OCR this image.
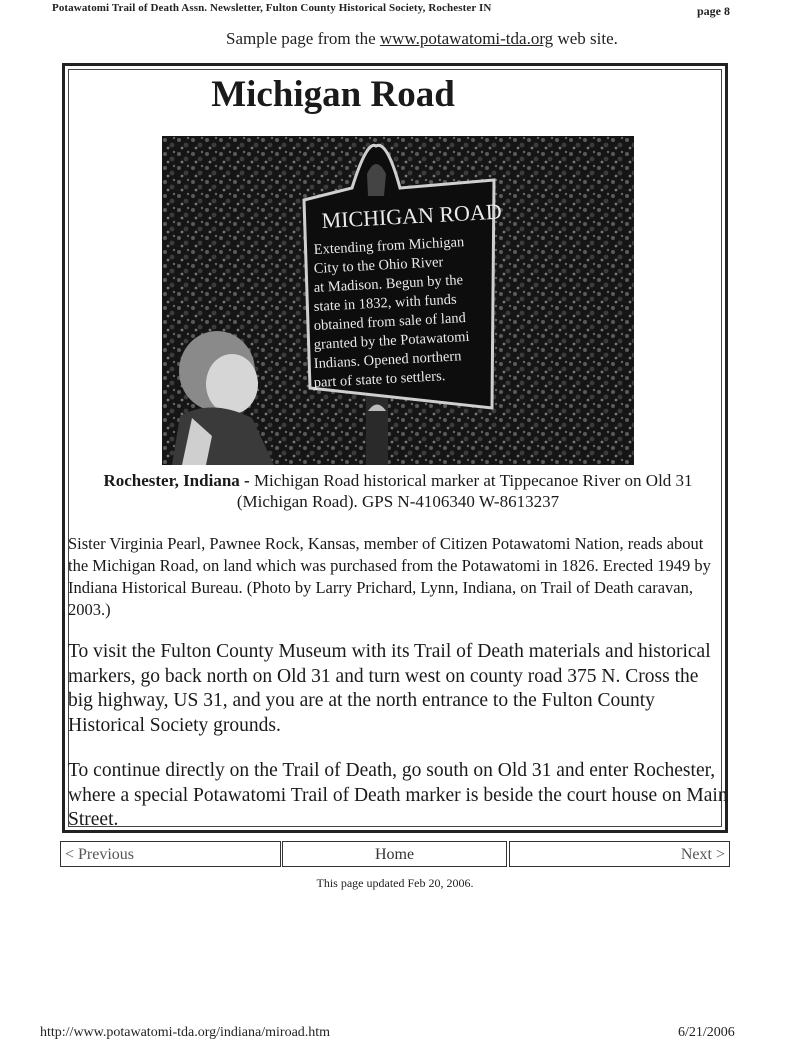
Potawatomi Trail of Death Assn. Newsletter, Fulton County Historical Society, Rochester IN	page 8
Sample page from the www.potawatomi-tda.org web site.
Michigan Road
MICHIGAN ROAD
Extending from Michigan
City to the Ohio River
at Madison. Begun by the
state in 1832, with funds
obtained from sale of land
granted by the Potawatomi
Indians. Opened northern
part of state to settlers.
Rochester, Indiana - Michigan Road historical marker at Tippecanoe River on Old 31 (Michigan Road). GPS N-4106340 W-8613237
Sister Virginia Pearl, Pawnee Rock, Kansas, member of Citizen Potawatomi Nation, reads about the Michigan Road, on land which was purchased from the Potawatomi in 1826. Erected 1949 by Indiana Historical Bureau. (Photo by Larry Prichard, Lynn, Indiana, on Trail of Death caravan, 2003.)
To visit the Fulton County Museum with its Trail of Death materials and historical markers, go back north on Old 31 and turn west on county road 375 N. Cross the big highway, US 31, and you are at the north entrance to the Fulton County Historical Society grounds.
To continue directly on the Trail of Death, go south on Old 31 and enter Rochester, where a special Potawatomi Trail of Death marker is beside the court house on Main Street.
< Previous	Home	Next >
This page updated Feb 20, 2006.
http://www.potawatomi-tda.org/indiana/miroad.htm	6/21/2006
